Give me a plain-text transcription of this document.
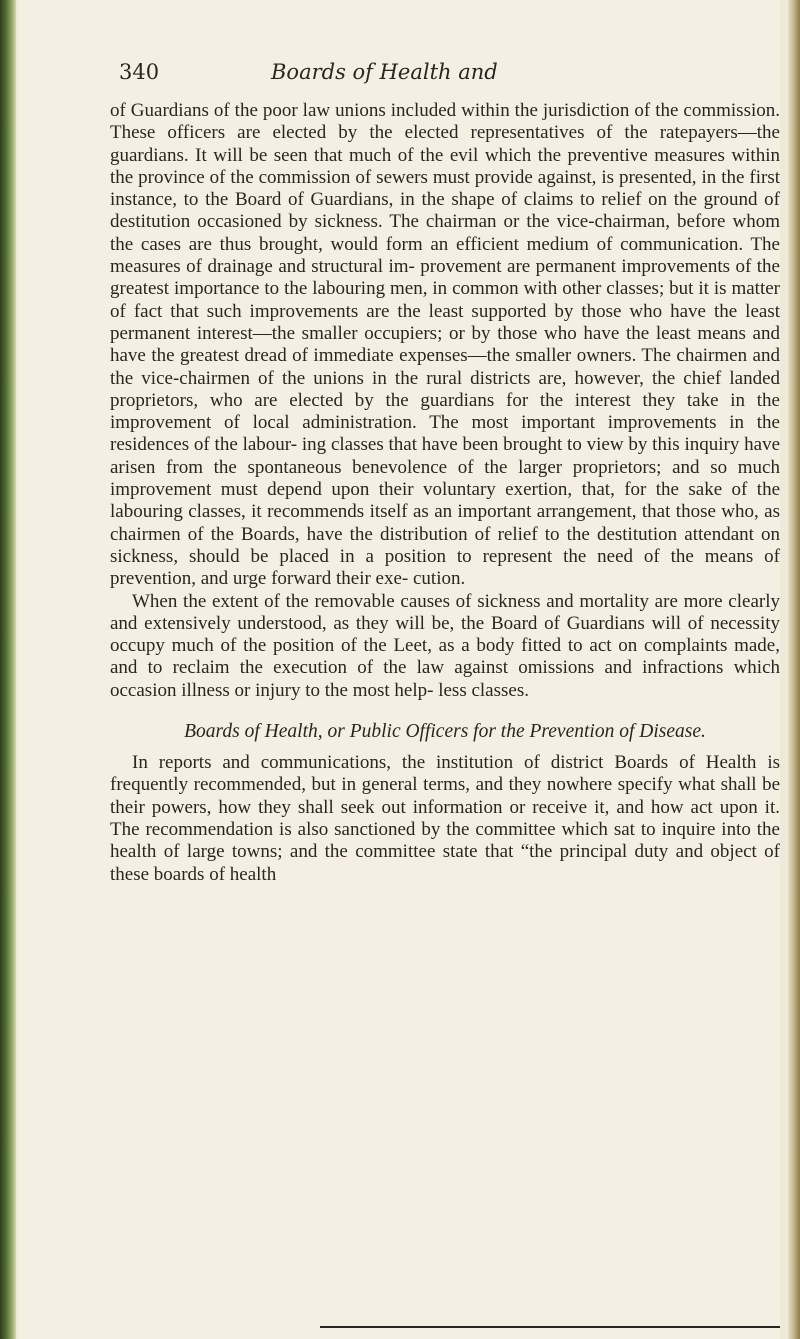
340	Boards of Health and

of Guardians of the poor law unions included within the jurisdiction of the commission. These officers are elected by the elected representatives of the ratepayers—the guardians. It will be seen that much of the evil which the preventive measures within the province of the commission of sewers must provide against, is presented, in the first instance, to the Board of Guardians, in the shape of claims to relief on the ground of destitution occasioned by sickness. The chairman or the vice-chairman, before whom the cases are thus brought, would form an efficient medium of communication. The measures of drainage and structural im- provement are permanent improvements of the greatest importance to the labouring men, in common with other classes; but it is matter of fact that such improvements are the least supported by those who have the least permanent interest—the smaller occupiers; or by those who have the least means and have the greatest dread of immediate expenses—the smaller owners. The chairmen and the vice-chairmen of the unions in the rural districts are, however, the chief landed proprietors, who are elected by the guardians for the interest they take in the improvement of local administration. The most important improvements in the residences of the labour- ing classes that have been brought to view by this inquiry have arisen from the spontaneous benevolence of the larger proprietors; and so much improvement must depend upon their voluntary exertion, that, for the sake of the labouring classes, it recommends itself as an important arrangement, that those who, as chairmen of the Boards, have the distribution of relief to the destitution attendant on sickness, should be placed in a position to represent the need of the means of prevention, and urge forward their exe- cution.

When the extent of the removable causes of sickness and mortality are more clearly and extensively understood, as they will be, the Board of Guardians will of necessity occupy much of the position of the Leet, as a body fitted to act on complaints made, and to reclaim the execution of the law against omissions and infractions which occasion illness or injury to the most help- less classes.

Boards of Health, or Public Officers for the Prevention of Disease.

In reports and communications, the institution of district Boards of Health is frequently recommended, but in general terms, and they nowhere specify what shall be their powers, how they shall seek out information or receive it, and how act upon it. The recommendation is also sanctioned by the committee which sat to inquire into the health of large towns; and the committee state that “the principal duty and object of these boards of health
